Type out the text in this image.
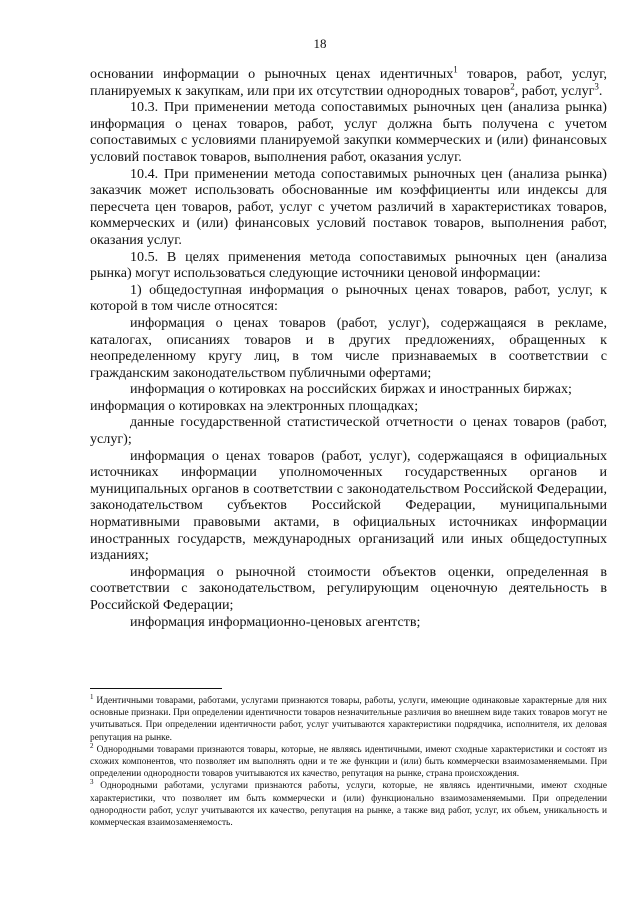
18

основании информации о рыночных ценах идентичных$^1$ товаров, работ, услуг, планируемых к закупкам, или при их отсутствии однородных товаров$^2$, работ, услуг$^3$.

10.3. При применении метода сопоставимых рыночных цен (анализа рынка) информация о ценах товаров, работ, услуг должна быть получена с учетом сопоставимых с условиями планируемой закупки коммерческих и (или) финансовых условий поставок товаров, выполнения работ, оказания услуг.

10.4. При применении метода сопоставимых рыночных цен (анализа рынка) заказчик может использовать обоснованные им коэффициенты или индексы для пересчета цен товаров, работ, услуг с учетом различий в характеристиках товаров, коммерческих и (или) финансовых условий поставок товаров, выполнения работ, оказания услуг.

10.5. В целях применения метода сопоставимых рыночных цен (анализа рынка) могут использоваться следующие источники ценовой информации:

1) общедоступная информация о рыночных ценах товаров, работ, услуг, к которой в том числе относятся:

информация о ценах товаров (работ, услуг), содержащаяся в рекламе, каталогах, описаниях товаров и в других предложениях, обращенных к неопределенному кругу лиц, в том числе признаваемых в соответствии с гражданским законодательством публичными офертами;

информация о котировках на российских биржах и иностранных биржах;

информация о котировках на электронных площадках;

данные государственной статистической отчетности о ценах товаров (работ, услуг);

информация о ценах товаров (работ, услуг), содержащаяся в официальных источниках информации уполномоченных государственных органов и муниципальных органов в соответствии с законодательством Российской Федерации, законодательством субъектов Российской Федерации, муниципальными нормативными правовыми актами, в официальных источниках информации иностранных государств, международных организаций или иных общедоступных изданиях;

информация о рыночной стоимости объектов оценки, определенная в соответствии с законодательством, регулирующим оценочную деятельность в Российской Федерации;

информация информационно-ценовых агентств;

$^1$ Идентичными товарами, работами, услугами признаются товары, работы, услуги, имеющие одинаковые характерные для них основные признаки. При определении идентичности товаров незначительные различия во внешнем виде таких товаров могут не учитываться. При определении идентичности работ, услуг учитываются характеристики подрядчика, исполнителя, их деловая репутация на рынке.

$^2$ Однородными товарами признаются товары, которые, не являясь идентичными, имеют сходные характеристики и состоят из схожих компонентов, что позволяет им выполнять одни и те же функции и (или) быть коммерчески взаимозаменяемыми. При определении однородности товаров учитываются их качество, репутация на рынке, страна происхождения.

$^3$ Однородными работами, услугами признаются работы, услуги, которые, не являясь идентичными, имеют сходные характеристики, что позволяет им быть коммерчески и (или) функционально взаимозаменяемыми. При определении однородности работ, услуг учитываются их качество, репутация на рынке, а также вид работ, услуг, их объем, уникальность и коммерческая взаимозаменяемость.
